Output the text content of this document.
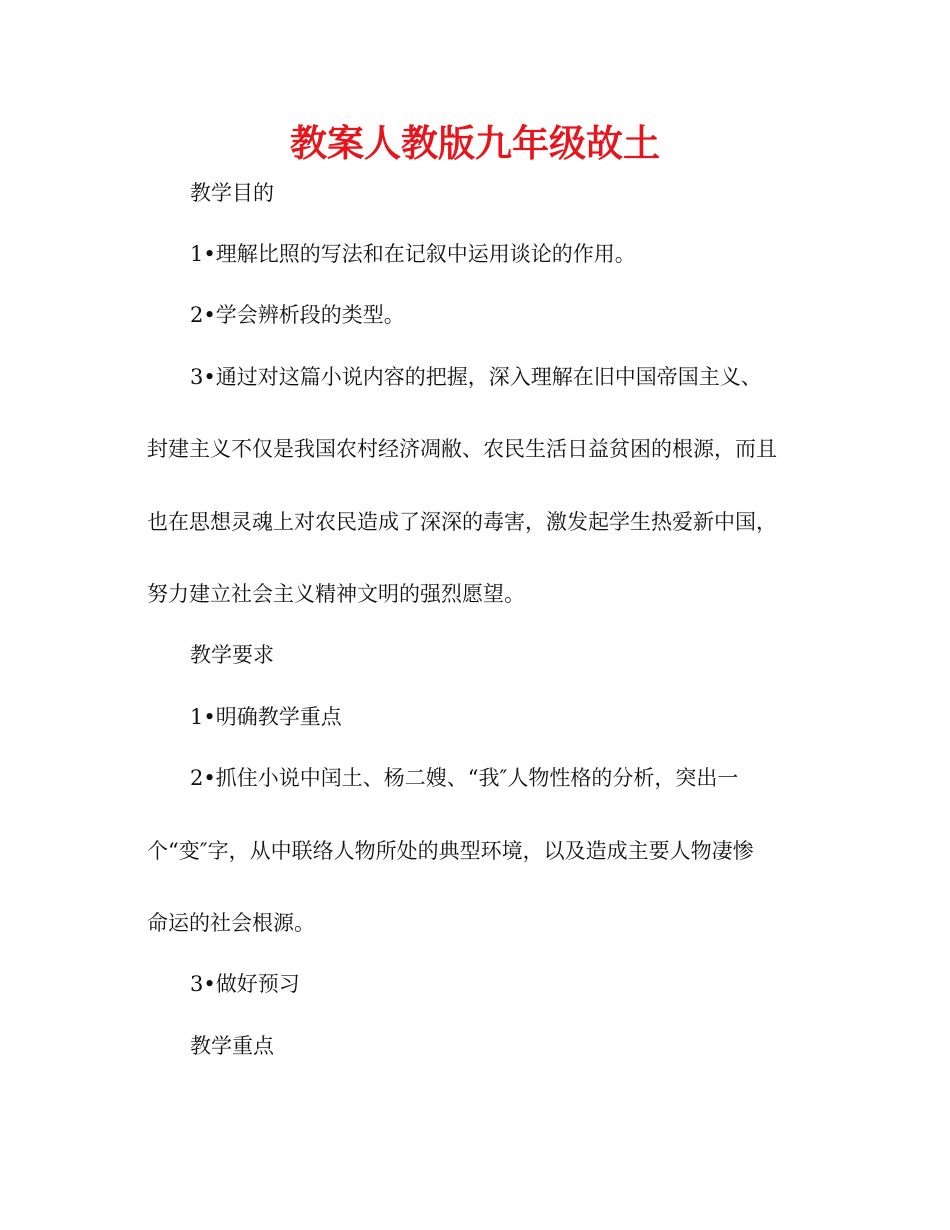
教案人教版九年级故土

教学目的

1•理解比照的写法和在记叙中运用谈论的作用。

2•学会辨析段的类型。

3•通过对这篇小说内容的把握，深入理解在旧中国帝国主义、

封建主义不仅是我国农村经济凋敝、农民生活日益贫困的根源，而且

也在思想灵魂上对农民造成了深深的毒害，激发起学生热爱新中国，

努力建立社会主义精神文明的强烈愿望。

教学要求

1•明确教学重点

2•抓住小说中闰土、杨二嫂、“我″人物性格的分析，突出一

个“变″字，从中联络人物所处的典型环境，以及造成主要人物凄惨

命运的社会根源。

3•做好预习

教学重点
